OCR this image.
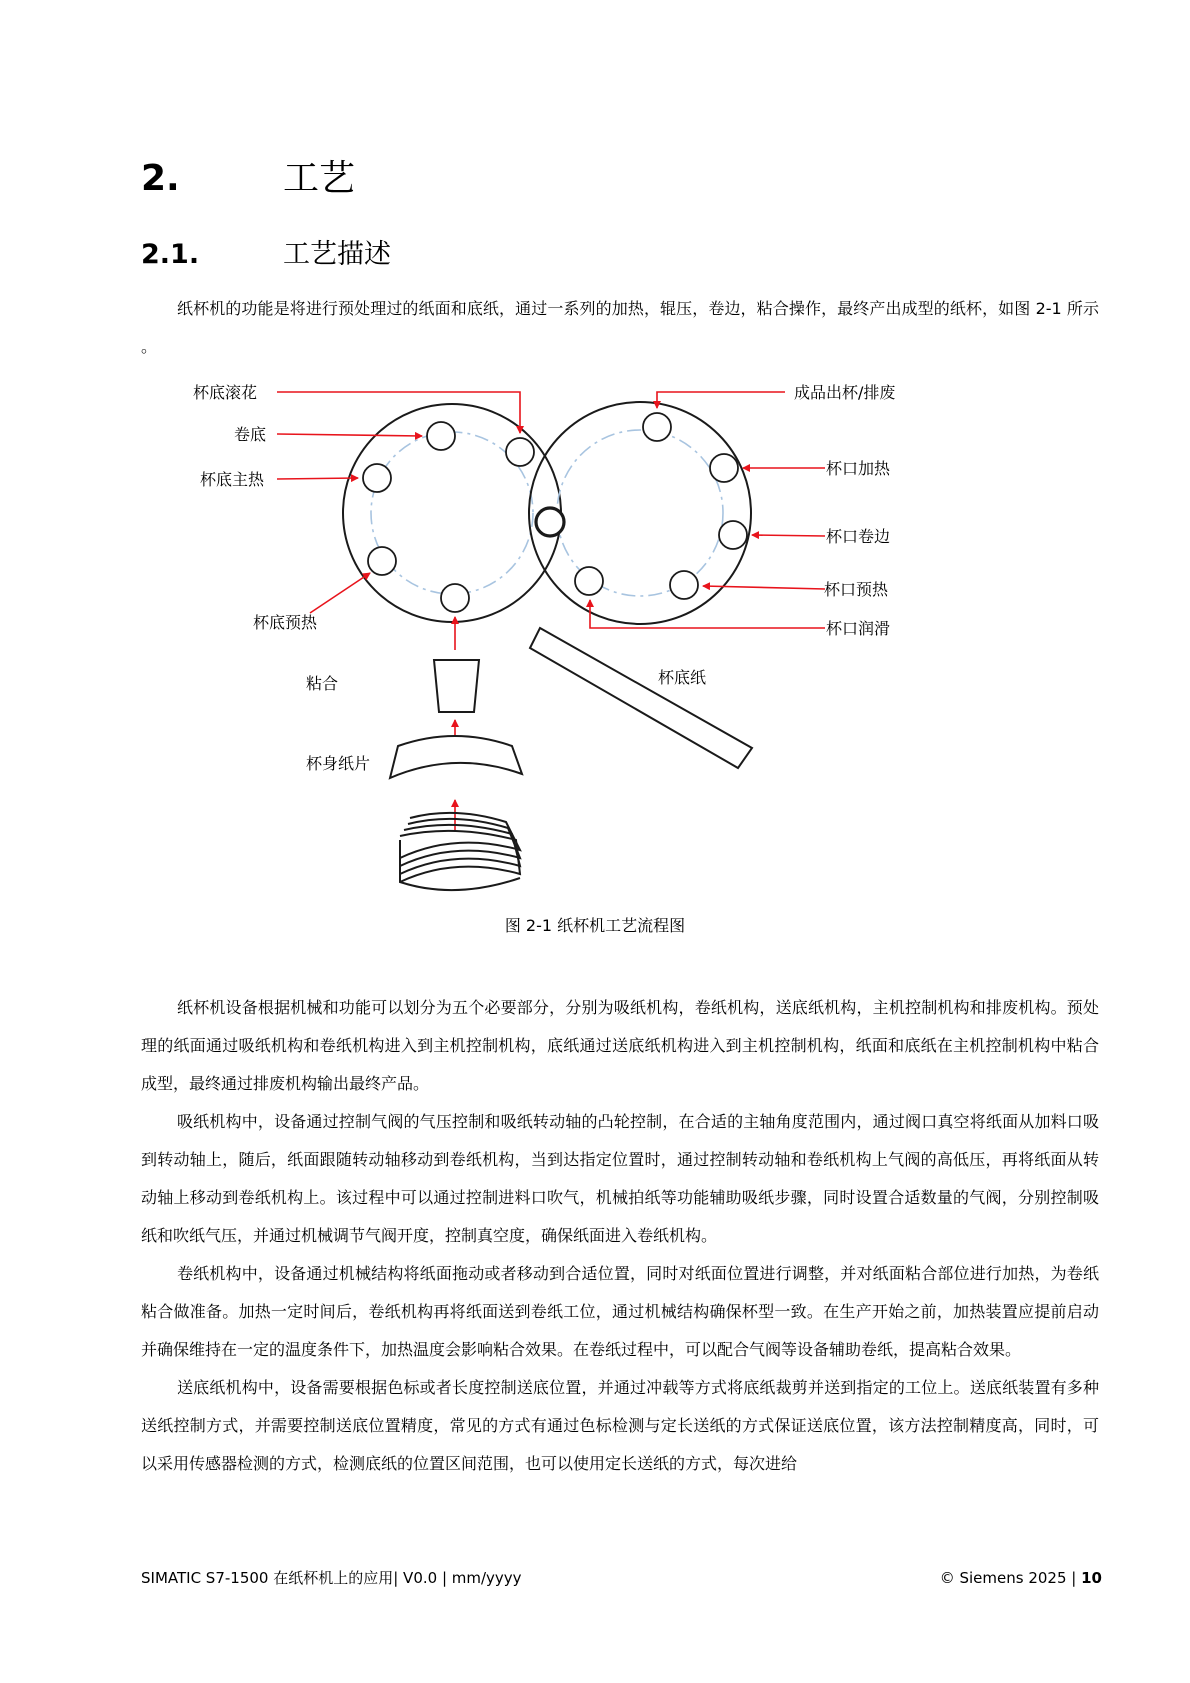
2.	工艺
2.1.	工艺描述

纸杯机的功能是将进行预处理过的纸面和底纸，通过一系列的加热，辊压，卷边，粘合操作，最终产出成型的纸杯，如图 2-1 所示 。

杯底滚花
卷底
杯底主热
杯底预热
成品出杯/排废
杯口加热
杯口卷边
杯口预热
杯口润滑
粘合
杯身纸片
杯底纸
图 2-1 纸杯机工艺流程图

纸杯机设备根据机械和功能可以划分为五个必要部分，分别为吸纸机构，卷纸机构，送底纸机构，主机控制机构和排废机构。预处理的纸面通过吸纸机构和卷纸机构进入到主机控制机构，底纸通过送底纸机构进入到主机控制机构，纸面和底纸在主机控制机构中粘合成型，最终通过排废机构输出最终产品。

吸纸机构中，设备通过控制气阀的气压控制和吸纸转动轴的凸轮控制，在合适的主轴角度范围内，通过阀口真空将纸面从加料口吸到转动轴上，随后，纸面跟随转动轴移动到卷纸机构，当到达指定位置时，通过控制转动轴和卷纸机构上气阀的高低压，再将纸面从转动轴上移动到卷纸机构上。该过程中可以通过控制进料口吹气，机械拍纸等功能辅助吸纸步骤，同时设置合适数量的气阀，分别控制吸纸和吹纸气压，并通过机械调节气阀开度，控制真空度，确保纸面进入卷纸机构。

卷纸机构中，设备通过机械结构将纸面拖动或者移动到合适位置，同时对纸面位置进行调整，并对纸面粘合部位进行加热，为卷纸粘合做准备。加热一定时间后，卷纸机构再将纸面送到卷纸工位，通过机械结构确保杯型一致。在生产开始之前，加热装置应提前启动并确保维持在一定的温度条件下，加热温度会影响粘合效果。在卷纸过程中，可以配合气阀等设备辅助卷纸，提高粘合效果。

送底纸机构中，设备需要根据色标或者长度控制送底位置，并通过冲载等方式将底纸裁剪并送到指定的工位上。送底纸装置有多种送纸控制方式，并需要控制送底位置精度，常见的方式有通过色标检测与定长送纸的方式保证送底位置，该方法控制精度高，同时，可以采用传感器检测的方式，检测底纸的位置区间范围，也可以使用定长送纸的方式，每次进给

SIMATIC S7-1500 在纸杯机上的应用| V0.0 | mm/yyyy	© Siemens 2025 | 10
